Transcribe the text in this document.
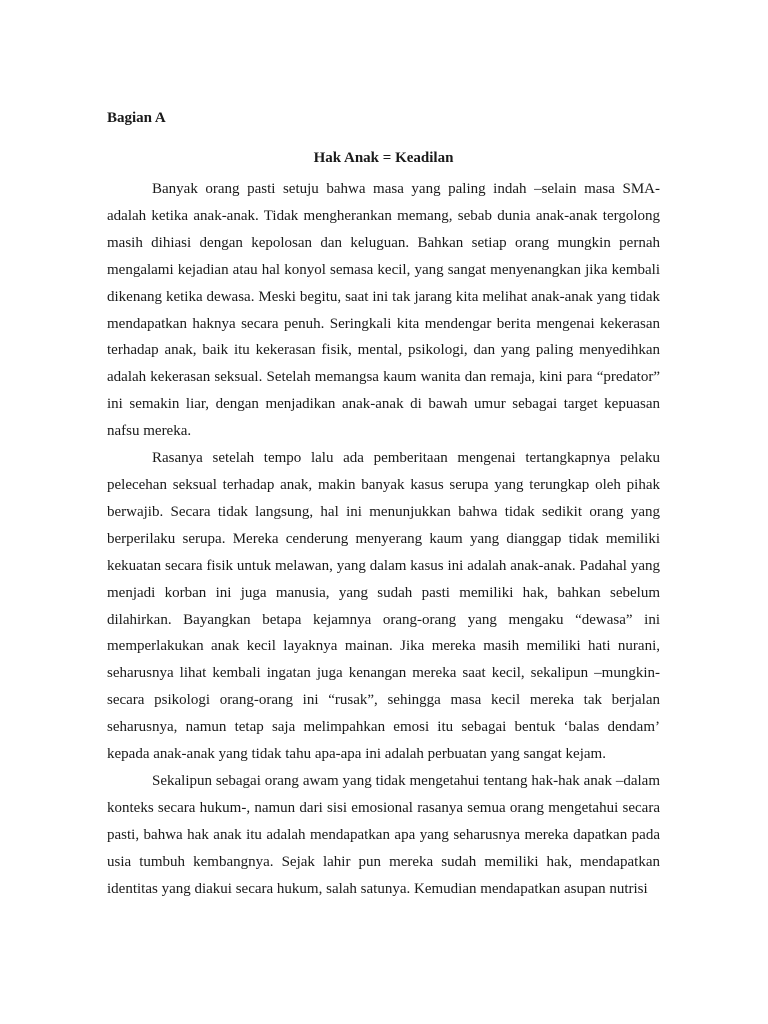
Bagian A

Hak Anak = Keadilan

Banyak orang pasti setuju bahwa masa yang paling indah –selain masa SMA- adalah ketika anak-anak. Tidak mengherankan memang, sebab dunia anak-anak tergolong masih dihiasi dengan kepolosan dan keluguan. Bahkan setiap orang mungkin pernah mengalami kejadian atau hal konyol semasa kecil, yang sangat menyenangkan jika kembali dikenang ketika dewasa. Meski begitu, saat ini tak jarang kita melihat anak-anak yang tidak mendapatkan haknya secara penuh. Seringkali kita mendengar berita mengenai kekerasan terhadap anak, baik itu kekerasan fisik, mental, psikologi, dan yang paling menyedihkan adalah kekerasan seksual. Setelah memangsa kaum wanita dan remaja, kini para “predator” ini semakin liar, dengan menjadikan anak-anak di bawah umur sebagai target kepuasan nafsu mereka.

Rasanya setelah tempo lalu ada pemberitaan mengenai tertangkapnya pelaku pelecehan seksual terhadap anak, makin banyak kasus serupa yang terungkap oleh pihak berwajib. Secara tidak langsung, hal ini menunjukkan bahwa tidak sedikit orang yang berperilaku serupa. Mereka cenderung menyerang kaum yang dianggap tidak memiliki kekuatan secara fisik untuk melawan, yang dalam kasus ini adalah anak-anak. Padahal yang menjadi korban ini juga manusia, yang sudah pasti memiliki hak, bahkan sebelum dilahirkan. Bayangkan betapa kejamnya orang-orang yang mengaku “dewasa” ini memperlakukan anak kecil layaknya mainan. Jika mereka masih memiliki hati nurani, seharusnya lihat kembali ingatan juga kenangan mereka saat kecil, sekalipun –mungkin- secara psikologi orang-orang ini “rusak”, sehingga masa kecil mereka tak berjalan seharusnya, namun tetap saja melimpahkan emosi itu sebagai bentuk ‘balas dendam’ kepada anak-anak yang tidak tahu apa-apa ini adalah perbuatan yang sangat kejam.

Sekalipun sebagai orang awam yang tidak mengetahui tentang hak-hak anak –dalam konteks secara hukum-, namun dari sisi emosional rasanya semua orang mengetahui secara pasti, bahwa hak anak itu adalah mendapatkan apa yang seharusnya mereka dapatkan pada usia tumbuh kembangnya. Sejak lahir pun mereka sudah memiliki hak, mendapatkan identitas yang diakui secara hukum, salah satunya. Kemudian mendapatkan asupan nutrisi
